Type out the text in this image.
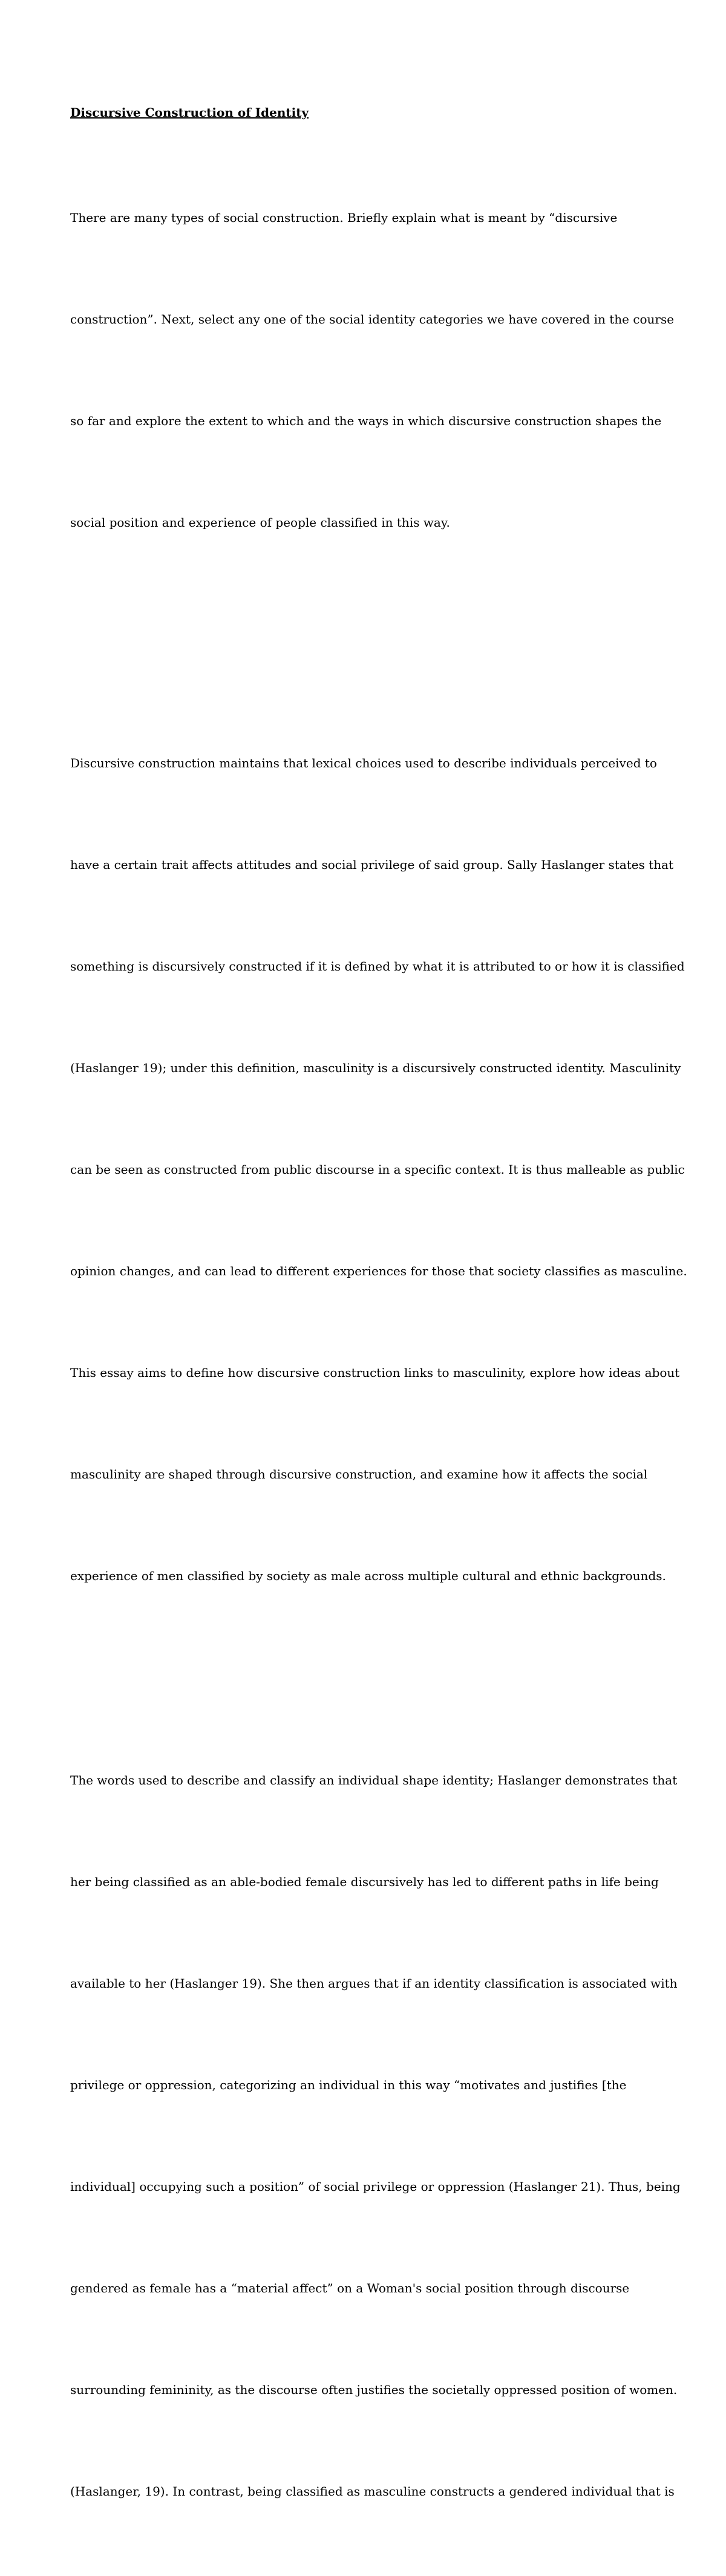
Discursive Construction of Identity

There are many types of social construction. Briefly explain what is meant by “discursive

construction”. Next, select any one of the social identity categories we have covered in the course

so far and explore the extent to which and the ways in which discursive construction shapes the

social position and experience of people classified in this way.

Discursive construction maintains that lexical choices used to describe individuals perceived to

have a certain trait affects attitudes and social privilege of said group. Sally Haslanger states that

something is discursively constructed if it is defined by what it is attributed to or how it is classified

(Haslanger 19); under this definition, masculinity is a discursively constructed identity. Masculinity

can be seen as constructed from public discourse in a specific context. It is thus malleable as public

opinion changes, and can lead to different experiences for those that society classifies as masculine.

This essay aims to define how discursive construction links to masculinity, explore how ideas about

masculinity are shaped through discursive construction, and examine how it affects the social

experience of men classified by society as male across multiple cultural and ethnic backgrounds.

The words used to describe and classify an individual shape identity; Haslanger demonstrates that

her being classified as an able-bodied female discursively has led to different paths in life being

available to her (Haslanger 19). She then argues that if an identity classification is associated with

privilege or oppression, categorizing an individual in this way “motivates and justifies [the

individual] occupying such a position” of social privilege or oppression (Haslanger 21). Thus, being

gendered as female has a “material affect” on a Woman's social position through discourse

surrounding femininity, as the discourse often justifies the societally oppressed position of women.

(Haslanger, 19). In contrast, being classified as masculine constructs a gendered individual that is
